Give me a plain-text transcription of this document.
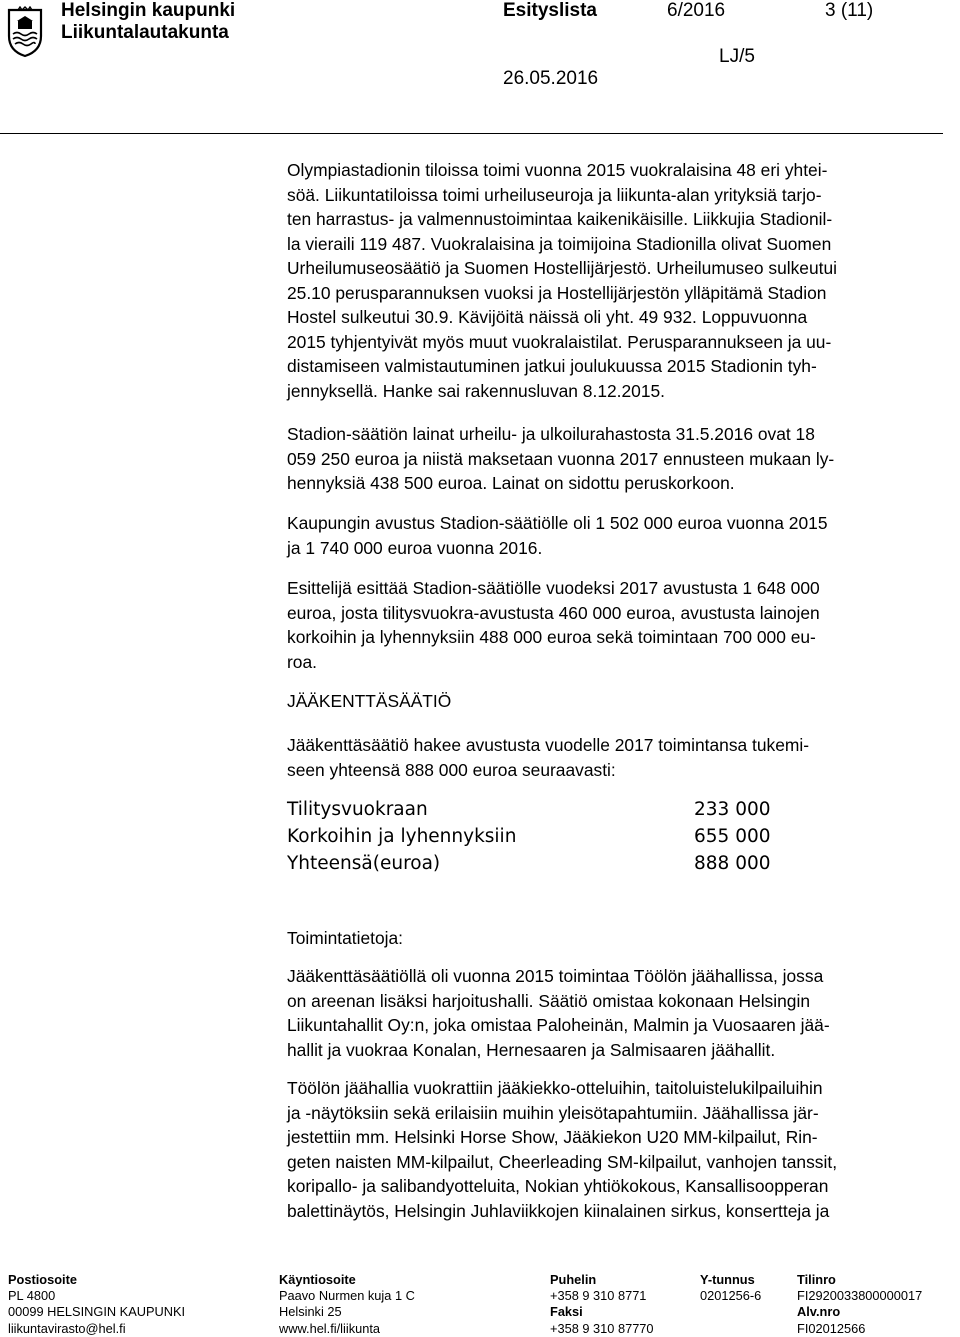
Helsingin kaupunki
Liikuntalautakunta
Esityslista	6/2016	3 (11)
LJ/5
26.05.2016
Olympiastadionin tiloissa toimi vuonna 2015 vuokralaisina 48 eri yhtei-
söä. Liikuntatiloissa toimi urheiluseuroja ja liikunta-alan yrityksiä tarjo-
ten harrastus- ja valmennustoimintaa kaikenikäisille. Liikkujia Stadionil-
la vieraili 119 487. Vuokralaisina ja toimijoina Stadionilla olivat Suomen
Urheilumuseosäätiö ja Suomen Hostellijärjestö. Urheilumuseo sulkeutui
25.10 perusparannuksen vuoksi ja Hostellijärjestön ylläpitämä Stadion
Hostel sulkeutui 30.9. Kävijöitä näissä oli yht. 49 932. Loppuvuonna
2015 tyhjentyivät myös muut vuokralaistilat. Perusparannukseen ja uu-
distamiseen valmistautuminen jatkui joulukuussa 2015 Stadionin tyh-
jennyksellä. Hanke sai rakennusluvan 8.12.2015.
Stadion-säätiön lainat urheilu- ja ulkoilurahastosta 31.5.2016 ovat 18
059 250 euroa ja niistä maksetaan vuonna 2017 ennusteen mukaan ly-
hennyksiä 438 500 euroa. Lainat on sidottu peruskorkoon.
Kaupungin avustus Stadion-säätiölle oli 1 502 000 euroa vuonna 2015
ja 1 740 000 euroa vuonna 2016.
Esittelijä esittää Stadion-säätiölle vuodeksi 2017 avustusta 1 648 000
euroa, josta tilitysvuokra-avustusta 460 000 euroa, avustusta lainojen
korkoihin ja lyhennyksiin 488 000 euroa sekä toimintaan 700 000 eu-
roa.
JÄÄKENTTÄSÄÄTIÖ
Jääkenttäsäätiö hakee avustusta vuodelle 2017 toimintansa tukemi-
seen yhteensä 888 000 euroa seuraavasti:
Tilitysvuokraan	233 000
Korkoihin ja lyhennyksiin	655 000
Yhteensä(euroa)	888 000
Toimintatietoja:
Jääkenttäsäätiöllä oli vuonna 2015 toimintaa Töölön jäähallissa, jossa
on areenan lisäksi harjoitushalli. Säätiö omistaa kokonaan Helsingin
Liikuntahallit Oy:n, joka omistaa Paloheinän, Malmin ja Vuosaaren jää-
hallit ja vuokraa Konalan, Hernesaaren ja Salmisaaren jäähallit.
Töölön jäähallia vuokrattiin jääkiekko-otteluihin, taitoluistelukilpailuihin
ja -näytöksiin sekä erilaisiin muihin yleisötapahtumiin. Jäähallissa jär-
jestettiin mm. Helsinki Horse Show, Jääkiekon U20 MM-kilpailut, Rin-
geten naisten MM-kilpailut, Cheerleading SM-kilpailut, vanhojen tanssit,
koripallo- ja salibandyotteluita, Nokian yhtiökokous, Kansallisoopperan
balettinäytös, Helsingin Juhlaviikkojen kiinalainen sirkus, konsertteja ja
Postiosoite
PL 4800
00099 HELSINGIN KAUPUNKI
liikuntavirasto@hel.fi
Käyntiosoite
Paavo Nurmen kuja 1 C
Helsinki 25
www.hel.fi/liikunta
Puhelin
+358 9 310 8771
Faksi
+358 9 310 87770
Y-tunnus
0201256-6
Tilinro
FI2920033800000017
Alv.nro
FI02012566
